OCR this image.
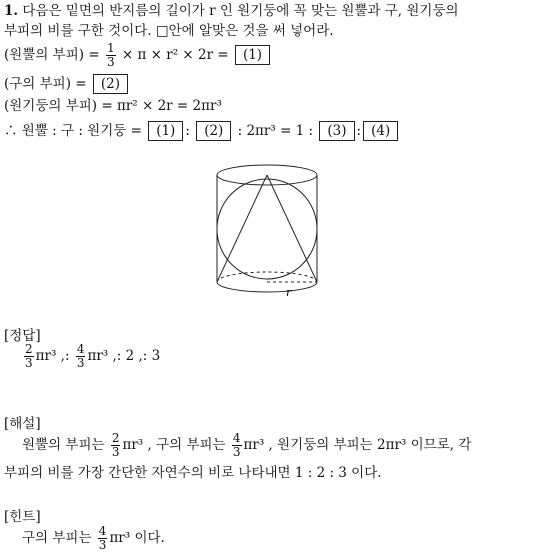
1. 다음은 밑면의 반지름의 길이가 r 인 원기둥에 꼭 맞는 원뿔과 구, 원기둥의
부피의 비를 구한 것이다. □안에 알맞은 것을 써 넣어라.
(원뿔의 부피) = $\frac{1}{3} \times \pi \times r^2 \times 2r = (1)$
(구의 부피) = (2)
(원기둥의 부피) = πr² × 2r = 2πr³
∴ 원뿔 : 구 : 원기둥 = (1) : (2) : 2πr³ = 1 : (3) : (4)
r
[정답]
$\frac{2}{3} \pi r^3$ ,: $\frac{4}{3} \pi r^3$ ,: 2 ,: 3
[해설]
원뿔의 부피는 $\frac{2}{3} \pi r^3$ , 구의 부피는 $\frac{4}{3} \pi r^3$ , 원기둥의 부피는 2πr³ 이므로, 각
부피의 비를 가장 간단한 자연수의 비로 나타내면 1 : 2 : 3 이다.
[힌트]
구의 부피는 $\frac{4}{3} \pi r^3$ 이다.
